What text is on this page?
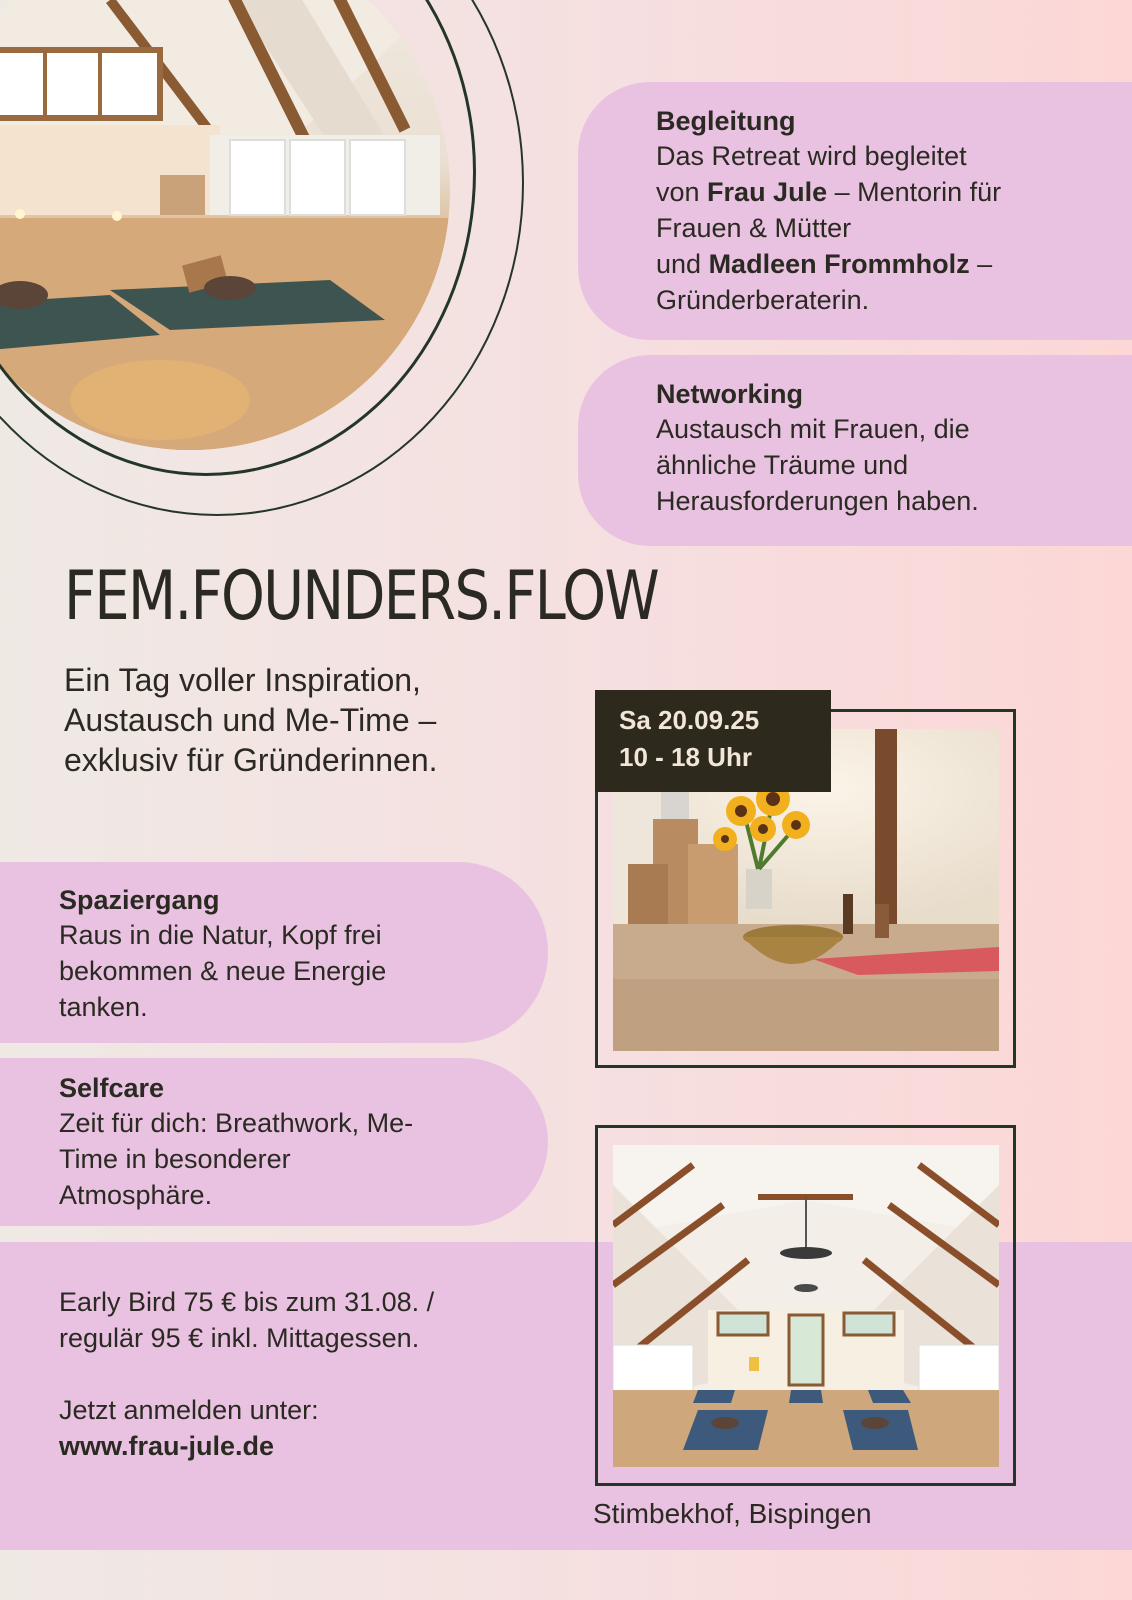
Begleitung
Das Retreat wird begleitet
von Frau Jule – Mentorin für
Frauen & Mütter
und Madleen Frommholz –
Gründerberaterin.
Networking
Austausch mit Frauen, die
ähnliche Träume und
Herausforderungen haben.
FEM.FOUNDERS.FLOW
Ein Tag voller Inspiration,
Austausch und Me-Time –
exklusiv für Gründerinnen.
Spaziergang
Raus in die Natur, Kopf frei
bekommen & neue Energie
tanken.
Selfcare
Zeit für dich: Breathwork, Me-
Time in besonderer
Atmosphäre.
Early Bird 75 € bis zum 31.08. /
regulär 95 € inkl. Mittagessen.
Jetzt anmelden unter:
www.frau-jule.de
Sa 20.09.25
10 - 18 Uhr
Stimbekhof, Bispingen
